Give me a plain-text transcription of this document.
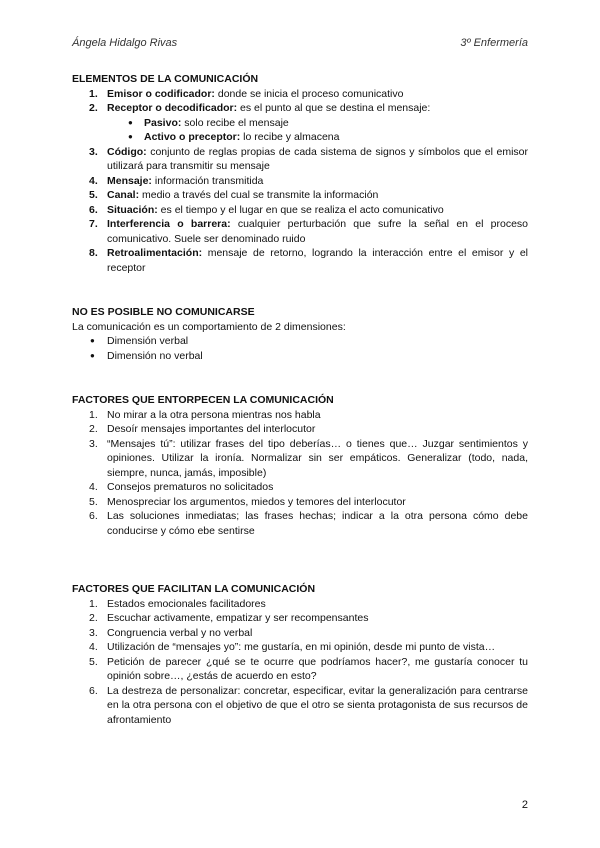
Ángela Hidalgo Rivas	3º Enfermería
ELEMENTOS DE LA COMUNICACIÓN
1. Emisor o codificador: donde se inicia el proceso comunicativo
2. Receptor o decodificador: es el punto al que se destina el mensaje:
● Pasivo: solo recibe el mensaje
● Activo o preceptor: lo recibe y almacena
3. Código: conjunto de reglas propias de cada sistema de signos y símbolos que el emisor utilizará para transmitir su mensaje
4. Mensaje: información transmitida
5. Canal: medio a través del cual se transmite la información
6. Situación: es el tiempo y el lugar en que se realiza el acto comunicativo
7. Interferencia o barrera: cualquier perturbación que sufre la señal en el proceso comunicativo. Suele ser denominado ruido
8. Retroalimentación: mensaje de retorno, logrando la interacción entre el emisor y el receptor
NO ES POSIBLE NO COMUNICARSE

La comunicación es un comportamiento de 2 dimensiones:

● Dimensión verbal
● Dimensión no verbal
FACTORES QUE ENTORPECEN LA COMUNICACIÓN
1. No mirar a la otra persona mientras nos habla
2. Desoír mensajes importantes del interlocutor
3. “Mensajes tú”: utilizar frases del tipo deberías… o tienes que… Juzgar sentimientos y opiniones. Utilizar la ironía. Normalizar sin ser empáticos. Generalizar (todo, nada, siempre, nunca, jamás, imposible)
4. Consejos prematuros no solicitados
5. Menospreciar los argumentos, miedos y temores del interlocutor
6. Las soluciones inmediatas; las frases hechas; indicar a la otra persona cómo debe conducirse y cómo ebe sentirse
FACTORES QUE FACILITAN LA COMUNICACIÓN
1. Estados emocionales facilitadores
2. Escuchar activamente, empatizar y ser recompensantes
3. Congruencia verbal y no verbal
4. Utilización de “mensajes yo”: me gustaría, en mi opinión, desde mi punto de vista…
5. Petición de parecer ¿qué se te ocurre que podríamos hacer?, me gustaría conocer tu opinión sobre…, ¿estás de acuerdo en esto?
6. La destreza de personalizar: concretar, especificar, evitar la generalización para centrarse en la otra persona con el objetivo de que el otro se sienta protagonista de sus recursos de afrontamiento
2
